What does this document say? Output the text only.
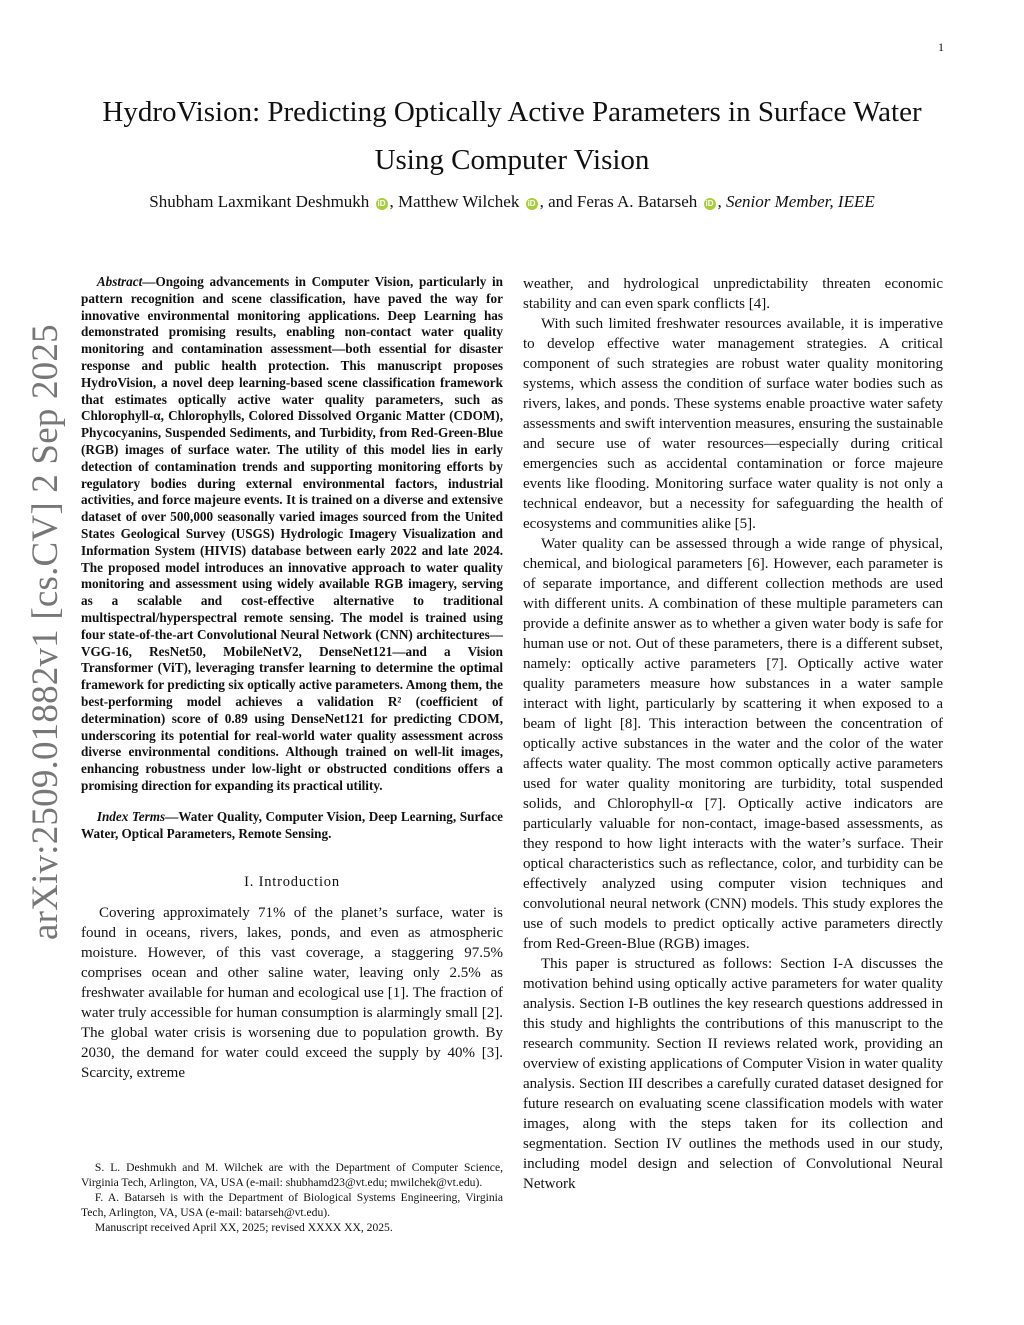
1
arXiv:2509.01882v1 [cs.CV] 2 Sep 2025
HydroVision: Predicting Optically Active Parameters in Surface Water Using Computer Vision
Shubham Laxmikant Deshmukh iD , Matthew Wilchek iD , and Feras A. Batarseh iD , Senior Member, IEEE

Abstract—Ongoing advancements in Computer Vision, particularly in pattern recognition and scene classification, have paved the way for innovative environmental monitoring applications. Deep Learning has demonstrated promising results, enabling non-contact water quality monitoring and contamination assessment—both essential for disaster response and public health protection. This manuscript proposes HydroVision, a novel deep learning-based scene classification framework that estimates optically active water quality parameters, such as Chlorophyll-α, Chlorophylls, Colored Dissolved Organic Matter (CDOM), Phycocyanins, Suspended Sediments, and Turbidity, from Red-Green-Blue (RGB) images of surface water. The utility of this model lies in early detection of contamination trends and supporting monitoring efforts by regulatory bodies during external environmental factors, industrial activities, and force majeure events. It is trained on a diverse and extensive dataset of over 500,000 seasonally varied images sourced from the United States Geological Survey (USGS) Hydrologic Imagery Visualization and Information System (HIVIS) database between early 2022 and late 2024. The proposed model introduces an innovative approach to water quality monitoring and assessment using widely available RGB imagery, serving as a scalable and cost-effective alternative to traditional multispectral/hyperspectral remote sensing. The model is trained using four state-of-the-art Convolutional Neural Network (CNN) architectures—VGG-16, ResNet50, MobileNetV2, DenseNet121—and a Vision Transformer (ViT), leveraging transfer learning to determine the optimal framework for predicting six optically active parameters. Among them, the best-performing model achieves a validation R² (coefficient of determination) score of 0.89 using DenseNet121 for predicting CDOM, underscoring its potential for real-world water quality assessment across diverse environmental conditions. Although trained on well-lit images, enhancing robustness under low-light or obstructed conditions offers a promising direction for expanding its practical utility.

Index Terms—Water Quality, Computer Vision, Deep Learning, Surface Water, Optical Parameters, Remote Sensing.

I. Introduction

Covering approximately 71% of the planet’s surface, water is found in oceans, rivers, lakes, ponds, and even as atmospheric moisture. However, of this vast coverage, a staggering 97.5% comprises ocean and other saline water, leaving only 2.5% as freshwater available for human and ecological use [1]. The fraction of water truly accessible for human consumption is alarmingly small [2]. The global water crisis is worsening due to population growth. By 2030, the demand for water could exceed the supply by 40% [3]. Scarcity, extreme

S. L. Deshmukh and M. Wilchek are with the Department of Computer Science, Virginia Tech, Arlington, VA, USA (e-mail: shubhamd23@vt.edu; mwilchek@vt.edu).

F. A. Batarseh is with the Department of Biological Systems Engineering, Virginia Tech, Arlington, VA, USA (e-mail: batarseh@vt.edu).

Manuscript received April XX, 2025; revised XXXX XX, 2025.

weather, and hydrological unpredictability threaten economic stability and can even spark conflicts [4].

With such limited freshwater resources available, it is imperative to develop effective water management strategies. A critical component of such strategies are robust water quality monitoring systems, which assess the condition of surface water bodies such as rivers, lakes, and ponds. These systems enable proactive water safety assessments and swift intervention measures, ensuring the sustainable and secure use of water resources—especially during critical emergencies such as accidental contamination or force majeure events like flooding. Monitoring surface water quality is not only a technical endeavor, but a necessity for safeguarding the health of ecosystems and communities alike [5].

Water quality can be assessed through a wide range of physical, chemical, and biological parameters [6]. However, each parameter is of separate importance, and different collection methods are used with different units. A combination of these multiple parameters can provide a definite answer as to whether a given water body is safe for human use or not. Out of these parameters, there is a different subset, namely: optically active parameters [7]. Optically active water quality parameters measure how substances in a water sample interact with light, particularly by scattering it when exposed to a beam of light [8]. This interaction between the concentration of optically active substances in the water and the color of the water affects water quality. The most common optically active parameters used for water quality monitoring are turbidity, total suspended solids, and Chlorophyll-α [7]. Optically active indicators are particularly valuable for non-contact, image-based assessments, as they respond to how light interacts with the water’s surface. Their optical characteristics such as reflectance, color, and turbidity can be effectively analyzed using computer vision techniques and convolutional neural network (CNN) models. This study explores the use of such models to predict optically active parameters directly from Red-Green-Blue (RGB) images.

This paper is structured as follows: Section I-A discusses the motivation behind using optically active parameters for water quality analysis. Section I-B outlines the key research questions addressed in this study and highlights the contributions of this manuscript to the research community. Section II reviews related work, providing an overview of existing applications of Computer Vision in water quality analysis. Section III describes a carefully curated dataset designed for future research on evaluating scene classification models with water images, along with the steps taken for its collection and segmentation. Section IV outlines the methods used in our study, including model design and selection of Convolutional Neural Network
